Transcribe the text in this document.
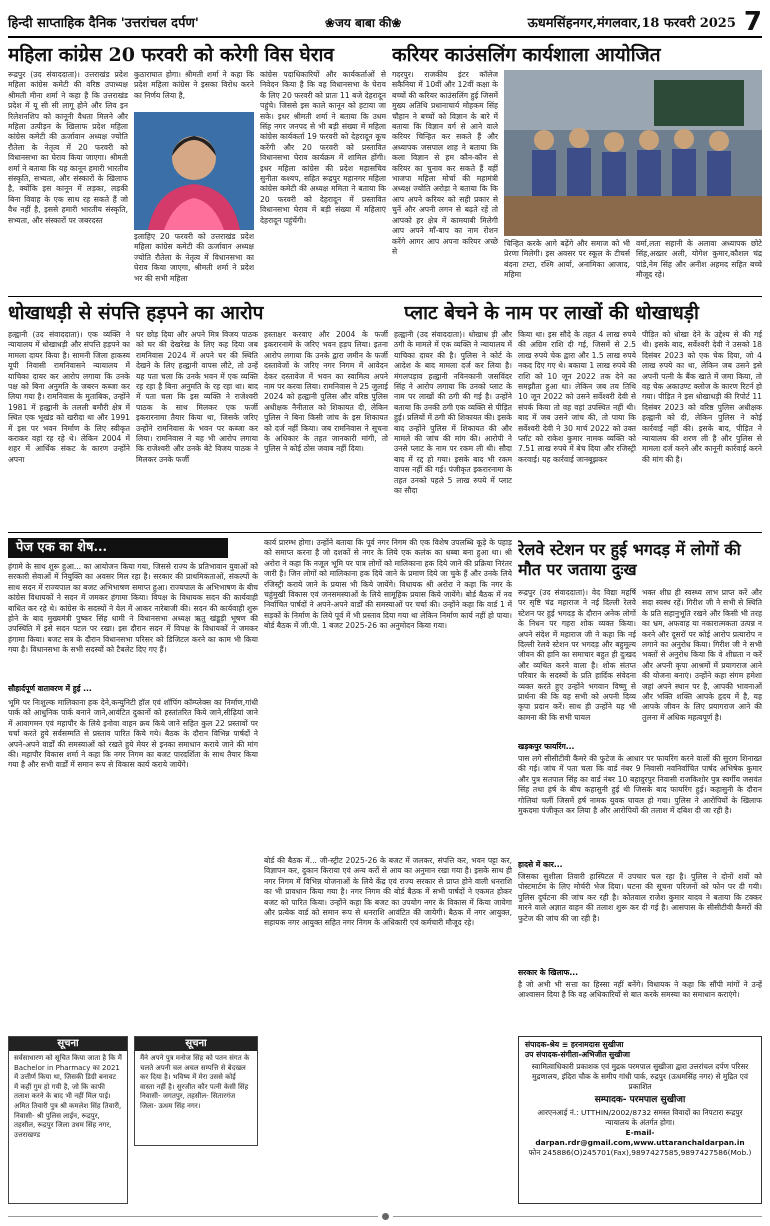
हिन्दी साप्ताहिक दैनिक 'उत्तरांचल दर्पण'	❀जय बाबा की❀	ऊधमसिंहनगर,मंगलवार,18 फरवरी 2025 7
महिला कांग्रेस 20 फरवरी को करेगी विस घेराव
रूद्रपुर (उद संवाददाता)। उत्तराखंड प्रदेश महिला कांग्रेस कमेटी की वरिष्ठ उपाध्यक्ष श्रीमती मीना शर्मा ने कहा है कि उत्तराखंड प्रदेश में यू सी सी लागू होने और लिव इन रिलेशनशिप को कानूनी वैधता मिलने और महिला उत्पीड़न के खिलाफ प्रदेश महिला कांग्रेस कमेटी की ऊर्जावान अध्यक्ष ज्योति रौतेला के नेतृत्व में 20 फरवरी को विधानसभा का घेराव किया जाएगा। श्रीमती शर्मा ने बताया कि यह कानून हमारी भारतीय संस्कृति, सभ्यता, और संस्कारों के खिलाफ है, क्योंकि इस कानून में लड़का, लड़की बिना विवाह के एक साथ रह सकते हैं जो वैध नहीं है, इससे हमारी भारतीय संस्कृति, सभ्यता, और संस्कारों पर जबरदस्त
कुठाराघात होगा। श्रीमती शर्मा ने कहा कि प्रदेश महिला कांग्रेस ने इसका विरोध करने का निर्णय लिया है,
इलाहिए 20 फरवरी को उत्तराखंड प्रदेश महिला कांग्रेस कमेटी की ऊर्जावान अध्यक्ष ज्योति रौतेला के नेतृत्व में विधानसभा का घेराव किया जाएगा, श्रीमती शर्मा ने प्रदेश भर की सभी महिला
कांग्रेस पदाधिकारियों और कार्यकर्ताओं से निवेदन किया है कि वह विधानसभा के घेराव के लिए 20 फरवरी को प्रातः 11 बजे देहरादून पहुंचे। जिससे इस काले कानून को हटाया जा सके। इधर श्रीमती शर्मा ने बताया कि उधम सिंह नगर जनपद से भी बड़ी संख्या में महिला कांग्रेस कार्यकर्ता 19 फरवरी को देहरादून कूच करेंगी और 20 फरवरी को प्रस्तावित विधानसभा घेराव कार्यक्रम में शामिल होंगी। इधर महिला कांग्रेस की प्रदेश महासचिव सुनीता कश्यप, सहित रूद्रपुर महानगर महिला कांग्रेस कमेटी की अध्यक्ष ममिता ने बताया कि 20 फरवरी को देहरादून में प्रस्तावित विधानसभा घेराव में बड़ी संख्या में महिलाएं देहरादून पहुंचेंगी।
करियर काउंसलिंग कार्यशाला आयोजित
गदरपुर। राजकीय इंटर कॉलेज सकैनिया में 10वीं और 12वीं कक्षा के बच्चों की करियर काउंसलिंग हुई जिसमें मुख्य अतिथि प्रधानाचार्य मोहकम सिंह चौहान ने बच्चों को विज्ञान के बारे में बताया कि विज्ञान वर्ग से आने वाले करियर चिन्हित कर सकते हैं और अध्यापक जसपाल शाह ने बताया कि कला विज्ञान से हम कौन-कौन से करियर का चुनाव कर सकते हैं वहीं भाजपा महिला मोर्चा की महामंत्री अध्यक्ष ज्योति अरोड़ा ने बताया कि कि आप अपने करियर को सही प्रकार से चुनें और अपनी लगन से बढ़ते रहें तो आपको हर क्षेत्र में कामयाबी मिलेगी आप अपने माँ-बाप का नाम रोशन करेंगे आगर आप अपना करियर अच्छे से
चिन्हित करके आगे बढ़ेंगे और समाज को भी प्रेरणा मिलेगी। इस अवसर पर स्कूल के टीचर्स बंदना टम्टा, रश्मि आर्या, अनामिका आजाद, महिमा
वर्मा,लता सहानी के अलावा अध्यापक छोटे सिंह,अख्तर अली, योगेश कुमार,कौशल चंद्र पांडे,नेम सिंह और अनीश अहमद सहित बच्चे मौजूद रहे।
धोखाधड़ी से संपत्ति हड़पने का आरोप
हल्द्वानी (उद संवाददाता)। एक व्यक्ति ने न्यायालय में धोखाधड़ी और संपत्ति हड़पने का मामला दायर किया है। सामनी जिला हाकस्य यूपी निवासी रामनिवासने न्यायालय में याचिका दायर कर आरोप लगाया कि उनके पक्ष को बिना अनुमति के जबरन कब्जा कर लिया गया है। रामनिवास के मुताबिक, उन्होंने 1981 में हल्द्वानी के तलली बमौरी क्षेत्र में स्थित एक भूखंड को खरीदा था और 1991 में इस पर भवन निर्माण के लिए स्वीकृत कराकर वहां रह रहे थे। लेकिन 2004 में शहर में आर्थिक संकट के कारण उन्होंने अपना
घर छोड़ दिया और अपने मित्र विजय पाठक को घर की देखरेख के लिए कह दिया जब रामनिवास 2024 में अपने घर की स्थिति देखने के लिए हल्द्वानी वापस लौटे, तो उन्हें यह पता चला कि उनके भवन में एक व्यक्ति रह रहा है बिना अनुमति के रह रहा था। बाद में पता चला कि इस व्यक्ति ने राजेश्वरी पाठक के साथ मिलकर एक फर्जी इकरारनामा तैयार किया था, जिसके जरिए उन्होंने रामनिवास के भवन पर कब्जा कर लिया। रामनिवास ने यह भी आरोप लगाया कि राजेश्वरी और उनके बेटे विजय पाठक ने मिलकर उनके फर्जी
हस्ताक्षर करवाए और 2004 के फर्जी इकरारनामे के जरिए भवन हड़प लिया। इतना आरोप लगाया कि उनके द्वारा जमीन के फर्जी दस्तावेजों के जरिए नगर निगम में आवेदन देकर दस्तावेज में भवन का स्वामित्व अपने नाम पर करवा लिया। रामनिवास ने 25 जुलाई 2024 को हल्द्वानी पुलिस और वरिष्ठ पुलिस अधीक्षक नैनीताल को शिकायत दी, लेकिन पुलिस ने बिना किसी जांच के इस शिकायत को दर्ज नहीं किया। जब रामनिवास ने सूचना के अधिकार के तहत जानकारी मांगी, तो पुलिस ने कोई ठोस जवाब नहीं दिया।
प्लाट बेचने के नाम पर लाखों की धोखाधड़ी
हल्द्वानी (उद संवाददाता)। धोखाध ड़ी और ठगी के मामले में एक व्यक्ति ने न्यायालय में याचिका दायर की है। पुलिस ने कोर्ट के आदेश के बाद मामला दर्ज कर लिया है। मंगलपड़ाव हल्द्वानी नविनकानी जसविंदर सिंह ने आरोप लगाया कि उनको प्लाट के नाम पर लाखों की ठगी की गई है। उन्होंने बताया कि उनकी ठगी एक व्यक्ति से पीड़ित हुई। प्रलियों में ठगी की शिकायत की। इसके बाद उन्होंने पुलिस में शिकायत की और मामले की जांच की मांग की। आरोपी ने उनसे प्लाट के नाम पर रकम ली थी। सौदा बाद में रद्द हो गया। इसके बाद भी रकम वापस नहीं की गई। पंजीकृत इकरारनामा के तहत उनको पहले 5 लाख रुपये में प्लाट का सौदा
किया था। इस सौदे के तहत 4 लाख रुपये की अग्रिम राशि दी गई, जिसमें से 2.5 लाख रुपये चेक द्वारा और 1.5 लाख रुपये नकद दिए गए थे। बकाया 1 लाख रुपये की राशि को 10 जून 2022 तक देने का समझौता हुआ था। लेकिन जब तय तिथि 10 जून 2022 को उसने सर्वेश्वरी देवी से संपर्क किया तो वह वहां उपस्थित नहीं थी। बाद में जब उसने जांच की, तो पाया कि सर्वेश्वरी देवी ने 30 मार्च 2022 को उक्त प्लॉट को राकेश कुमार नामक व्यक्ति को 7.51 लाख रुपये में बेच दिया और रजिस्ट्री करवाई। यह कार्रवाई जानबूझकर
पीड़ित को धोखा देने के उद्देश्य से की गई थी। इसके बाद, सर्वेश्वरी देवी ने उसको 18 दिसंबर 2023 को एक चेक दिया, जो 4 लाख रुपये का था, लेकिन जब उसने इसे अपनी पत्नी के बैंक खाते में जमा किया, तो वह चेक अकाउण्ट क्लोज के कारण रिटर्न हो गया। पीड़ित ने इस धोखाधड़ी की रिपोर्ट 11 दिसंबर 2023 को वरिष्ठ पुलिस अधीक्षक हल्द्वानी को दी, लेकिन पुलिस ने कोई कार्रवाई नहीं की। इसके बाद, पीड़ित ने न्यायालय की शरण ली है और पुलिस से मामला दर्ज करने और कानूनी कार्रवाई करने की मांग की है।
पेज एक का शेष...
हंगामे के साथ शुरू हुआ... का आयोजन किया गया, जिससे राज्य के प्रतिभावान युवाओं को सरकारी सेवाओं में नियुक्ति का अवसर मिल रहा है। सरकार की प्राथमिकताओं, संकल्पों के साथ सदन में राज्यपाल का बजट अभिभाषण समाप्त हुआ। राज्यपाल के अभिभाषण के बीच कांग्रेस विधायकों ने सदन में जमकर हंगामा किया। विपक्ष के विधायक सदन की कार्यवाही बाधित कर रहे थे। कांग्रेस के सदस्यों ने वेल में आकर नारेबाजी की। सदन की कार्यवाही शुरू होने के बाद मुख्यमंत्री पुष्कर सिंह धामी ने विधानसभा अध्यक्ष ऋतु खंडूड़ी भूषण की उपस्थिति में इसे सदन पटल पर रखा। इस दौरान सदन में विपक्ष के विधायकों ने जमकर हंगामा किया। बजट सत्र के दौरान विधानसभा परिसर को डिजिटल करने का काम भी किया गया है। विधानसभा के सभी सदस्यों को टैबलेट दिए गए हैं।
सौहार्दपूर्ण वातावरण में हुई ...
भूमि पर निःशुल्क मालिकाना हक देने,कन्युनिटी हॉल एवं शॉपिंग कॉम्प्लेक्स का निर्माण,गांधी पार्क को आधुनिक पार्क बनाने जाने,आवंटित दुकानों को हस्तांतरित किये जाने,सीढ़ियां जाने में आवागमन एवं महापौर के लिये इनोवा वाहन क्रय किये जाने सहित कुल 22 प्रस्तावों पर चर्चा करते हुये सर्वसम्मति से प्रस्ताव पारित किये गये। बैठक के दौरान विभिन्न पार्षदों ने अपने-अपने वार्डों की समस्याओं को रखते हुये मेयर से इनका समाधान कराये जाने की मांग की। महापौर विकास शर्मा ने कहा कि नगर निगम का बजट पारदर्शिता के साथ तैयार किया गया है और सभी वार्डों में समान रूप से विकास कार्य कराये जायेंगे।
कार्य प्रारम्भ होगा। उन्होंने बताया कि पूर्व नगर निगम की एक विशेष उपलब्धि कूड़े के पहाड़ को समाप्त करना है जो दशकों से नगर के लिये एक कलंक का धब्बा बना हुआ था। श्री अरोरा ने कहा कि नजूल भूमि पर पात्र लोगों को मालिकाना हक दिये जाने की प्रक्रिया निरंतर जारी है। जिन लोगों को मालिकाना हक दिये जाने के प्रमाण दिये जा चुके हैं और उनके लिये रजिस्ट्री कराये जाने के प्रयास भी किये जायेंगे। विधायक श्री अरोरा ने कहा कि नगर के चहुंमुखी विकास एवं जनसमस्याओं के लिये सामूहिक प्रयास किये जायेंगे। बोर्ड बैठक में नव निर्वाचित पार्षदों ने अपने-अपने वार्डों की समस्याओं पर चर्चा की। उन्होंने कहा कि वार्ड 1 में सड़कों के निर्माण के लिये पूर्व में भी प्रस्ताव दिया गया था लेकिन निर्माण कार्य नहीं हो पाया। बोर्ड बैठक में जी.पी. 1 बजट 2025-26 का अनुमोदन किया गया।
बोर्ड की बैठक में... जी-स्ट्रीट 2025-26 के बजट में जलकर, संपत्ति कर, भवन पट्टा कर, विज्ञापन कर, दुकान किराया एवं अन्य करों से आय का अनुमान रखा गया है। इसके साथ ही नगर निगम में विभिन्न योजनाओं के लिये केंद्र एवं राज्य सरकार से प्राप्त होने वाली धनराशि का भी प्रावधान किया गया है। नगर निगम की बोर्ड बैठक में सभी पार्षदों ने एकमत होकर बजट को पारित किया। उन्होंने कहा कि बजट का उपयोग नगर के विकास में किया जायेगा और प्रत्येक वार्ड को समान रूप से धनराशि आवंटित की जायेगी। बैठक में नगर आयुक्त, सहायक नगर आयुक्त सहित नगर निगम के अधिकारी एवं कर्मचारी मौजूद रहे।
रेलवे स्टेशन पर हुई भगदड़ में लोगों की मौत पर जताया दुःख
रूद्रपुर (उद संवाददाता)। वेद विद्या महर्षि पर सृष्टि चंद्र महाराज ने नई दिल्ली रेलवे स्टेशन पर हुई भगदड़ के दौरान अनेक लोगों के निधन पर गहरा शोक व्यक्त किया। अपने संदेश में महाराज जी ने कहा कि नई दिल्ली रेलवे स्टेशन पर भगदड़ और बहुमूल्य जीवन की हानि का समाचार बहुत ही दुःखद और व्यथित करने वाला है। शोक संतप्त परिवार के सदस्यों के प्रति हार्दिक संवेदना व्यक्त करते हुए उन्होंने भगवान विष्णु से प्रार्थना की कि वह सभी को अपनी दिव्य कृपा प्रदान करें। साथ ही उन्होंने यह भी कामना की कि सभी घायल
भक्त शीघ्र ही स्वस्थ्य लाभ प्राप्त करें और सदा स्वस्थ रहें। गिरीश जी ने सभी से स्थिति के प्रति सहानुभूति रखने और किसी भी तरह का भ्रम, अफवाह या नकारात्मकता उत्पन्न न करने और दूसरों पर कोई आरोप प्रत्यारोप न लगाने का अनुरोध किया। गिरीश जी ने सभी भक्तों से अनुरोध किया कि वे शीघ्रता न करें और अपनी कृपा आश्रमों में प्रयागराज आने की योजना बनाएं। उन्होंने कहा संगम हमेशा जहां अपने स्थान पर है, आपकी भावनाओं और भक्ति शक्ति आपके हृदय में है, यह आपके जीवन के लिए प्रयागराज आने की तुलना में अधिक महत्वपूर्ण है।
खड़कपुर फायरिंग...
पास लगे सीसीटीवी कैमरे की फुटेज के आधार पर फायरिंग करने वालों की सुराग शिनाख्त की गई। जांच में पता चला कि वार्ड नंबर 9 निवासी नवनिर्वाचित पार्षद अभिषेक कुमार और पुत्र सतपाल सिंह का वार्ड नंबर 10 बहादुरपुर निवासी राजकिशोर पुत्र स्वर्गीय जसवंत सिंह तथा हर्ष के बीच कहासुनी हुई थी जिसके बाद फायरिंग हुई। कहासुनी के दौरान गोलियां चलीं जिसमें हर्ष नामक युवक घायल हो गया। पुलिस ने आरोपियों के खिलाफ मुकदमा पंजीकृत कर लिया है और आरोपियों की तलाश में दबिश दी जा रही है।
हादसे में कार...
जिसका सुशीला तिवारी हास्पिटल में उपचार चल रहा है। पुलिस ने दोनों शवों को पोस्टमार्टम के लिए मोर्चरी भेज दिया। घटना की सूचना परिजनों को फोन पर दी गयी। पुलिस दुर्घटना की जांच कर रही है। कोतवाल राजेश कुमार यादव ने बताया कि टक्कर मारने वाले अज्ञात वाहन की तलाश शुरू कर दी गई है। आसपास के सीसीटीवी कैमरों की फुटेज की जांच की जा रही है।
सरकार के खिलाफ...
है जो अभी भी सत्ता का हिस्सा नहीं बनेंगे। विधायक ने कहा कि सौंपी मांगों ने उन्हें आश्वासन दिया है कि वह अधिकारियों से बात करके समस्या का समाधान कराएंगे।
सूचना
सर्वसाधारण को सूचित किया जाता है कि मैं Bachelor in Pharmacy का 2021 में उत्तीर्ण किया था, जिसकी डिग्री बनावट में कहीं गुम हो गयी है, जो कि काफी तलाश करने के बाद भी नहीं मिल पाई। अमित तिवारी पुत्र श्री कमलेश सिंह तिवारी, निवासी- श्री पुलिस लाईन, रूद्रपुर, तहसील, रूद्रपुर जिला उधम सिंह नगर, उत्तराखण्ड
सूचना
मैंने अपने पुत्र मनोज सिंह को पतन संगत के चलते अपनी चल अचल सम्पत्ति से बेदखल कर दिया है। भविष्य में मेरा उससे कोई वास्ता नहीं है। सुरजीत कौर पत्नी केसी सिंह निवासी- जगतपुर, तहसील- सितारगंज जिला- ऊधम सिंह नगर।
संपादक-श्रेय ≡ हरनामदास सुखीजा
उप संपादक-संगीता-अभिजीत सुखीजा
स्वामित्वाधिकारी प्रकाशक एवं मुद्रक परमपाल सुखीजा द्वारा उत्तरांचल दर्पण परिसर मुद्रणालय, इंदिरा चौक के समीप गांधी पार्क, रुद्रपुर (ऊधमसिंह नगर) से मुद्रित एवं प्रकाशित
सम्पादक- परमपाल सुखीजा
आरएनआई नं.: UTTHIN/2002/8732 समस्त विवादों का निपटारा रूद्रपुर न्यायालय के अंतर्गत होगा।
E-mail-darpan.rdr@gmail.com,www.uttaranchaldarpan.in
फोन 245886(O)245701(Fax),9897427585,9897427586(Mob.)
